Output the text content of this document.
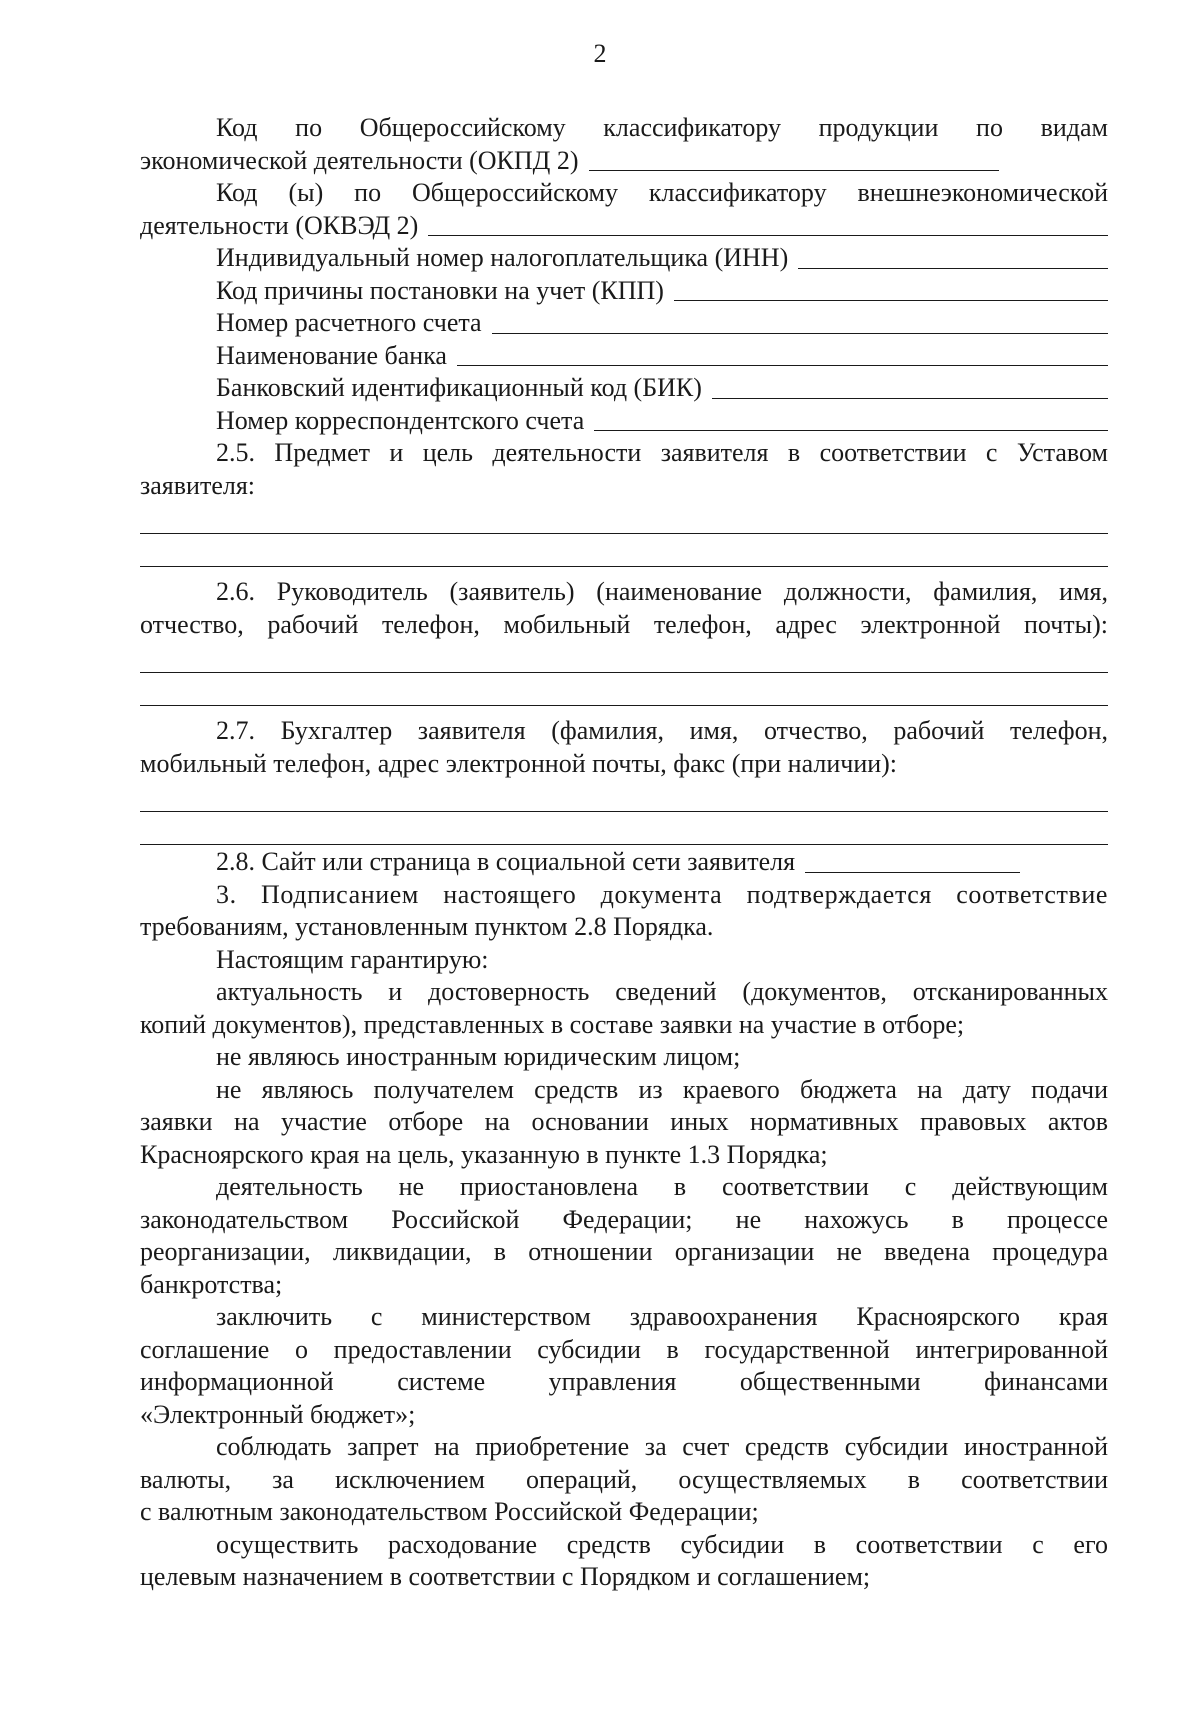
2

Код по Общероссийскому классификатору продукции по видам

экономической деятельности (ОКПД 2)

Код (ы) по Общероссийскому классификатору внешнеэкономической

деятельности (ОКВЭД 2)

Индивидуальный номер налогоплательщика (ИНН)

Код причины постановки на учет (КПП)

Номер расчетного счета

Наименование банка

Банковский идентификационный код (БИК)

Номер корреспондентского счета

2.5. Предмет и цель деятельности заявителя в соответствии с Уставом

заявителя:

2.6. Руководитель (заявитель) (наименование должности, фамилия, имя,

отчество, рабочий телефон, мобильный телефон, адрес электронной почты):

2.7. Бухгалтер заявителя (фамилия, имя, отчество, рабочий телефон,

мобильный телефон, адрес электронной почты, факс (при наличии):

2.8. Сайт или страница в социальной сети заявителя

3. Подписанием настоящего документа подтверждается соответствие

требованиям, установленным пунктом 2.8 Порядка.

Настоящим гарантирую:

актуальность и достоверность сведений (документов, отсканированных

копий документов), представленных в составе заявки на участие в отборе;

не являюсь иностранным юридическим лицом;

не являюсь получателем средств из краевого бюджета на дату подачи

заявки на участие отборе на основании иных нормативных правовых актов

Красноярского края на цель, указанную в пункте 1.3 Порядка;

деятельность не приостановлена в соответствии с действующим

законодательством Российской Федерации; не нахожусь в процессе

реорганизации, ликвидации, в отношении организации не введена процедура

банкротства;

заключить с министерством здравоохранения Красноярского края

соглашение о предоставлении субсидии в государственной интегрированной

информационной системе управления общественными финансами

«Электронный бюджет»;

соблюдать запрет на приобретение за счет средств субсидии иностранной

валюты, за исключением операций, осуществляемых в соответствии

с валютным законодательством Российской Федерации;

осуществить расходование средств субсидии в соответствии с его

целевым назначением в соответствии с Порядком и соглашением;
